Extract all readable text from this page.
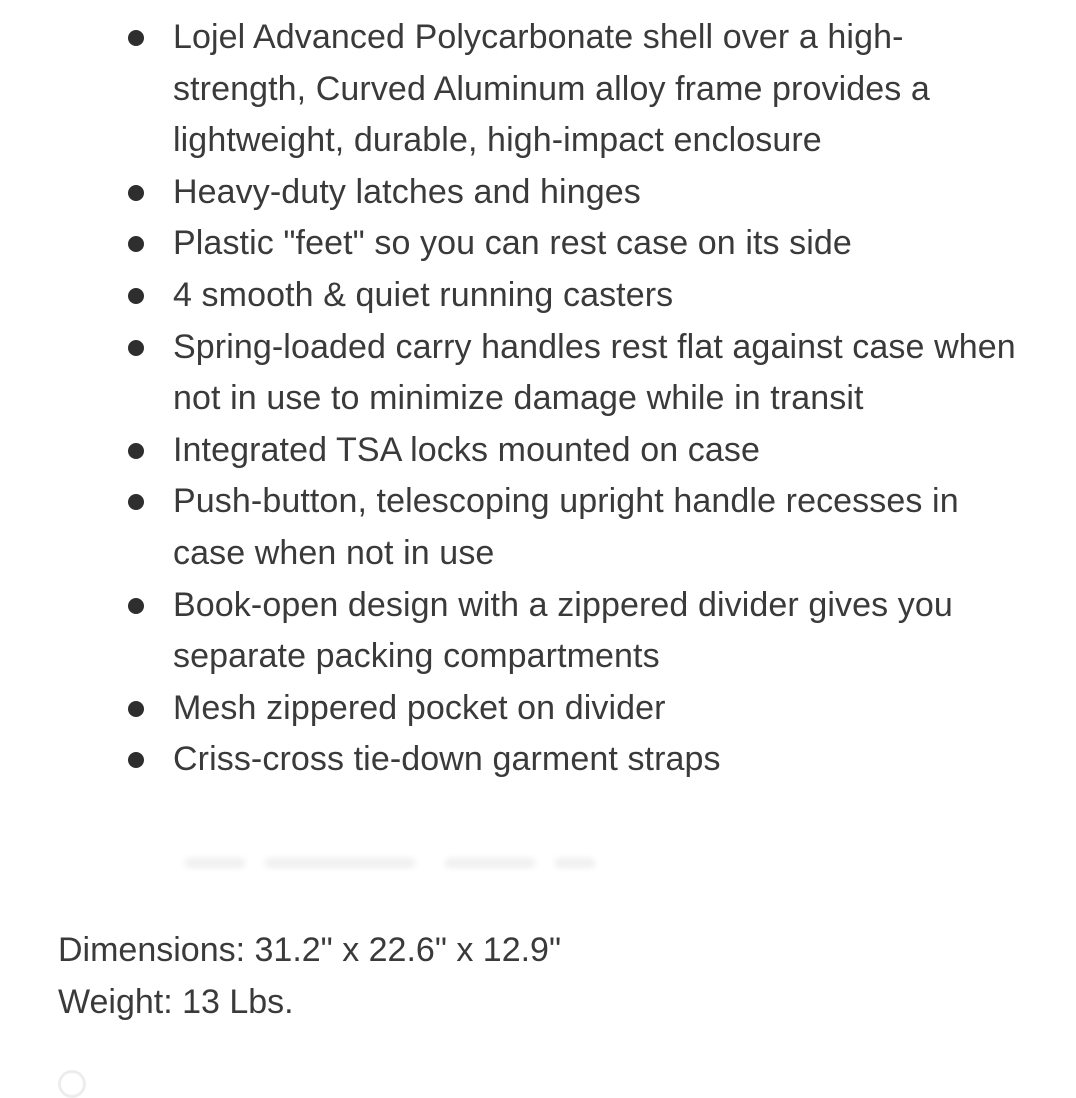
Lojel Advanced Polycarbonate shell over a high-strength, Curved Aluminum alloy frame provides a lightweight, durable, high-impact enclosure
Heavy-duty latches and hinges
Plastic "feet" so you can rest case on its side
4 smooth & quiet running casters
Spring-loaded carry handles rest flat against case when not in use to minimize damage while in transit
Integrated TSA locks mounted on case
Push-button, telescoping upright handle recesses in case when not in use
Book-open design with a zippered divider gives you separate packing compartments
Mesh zippered pocket on divider
Criss-cross tie-down garment straps
Dimensions: 31.2" x 22.6" x 12.9"
Weight: 13 Lbs.
